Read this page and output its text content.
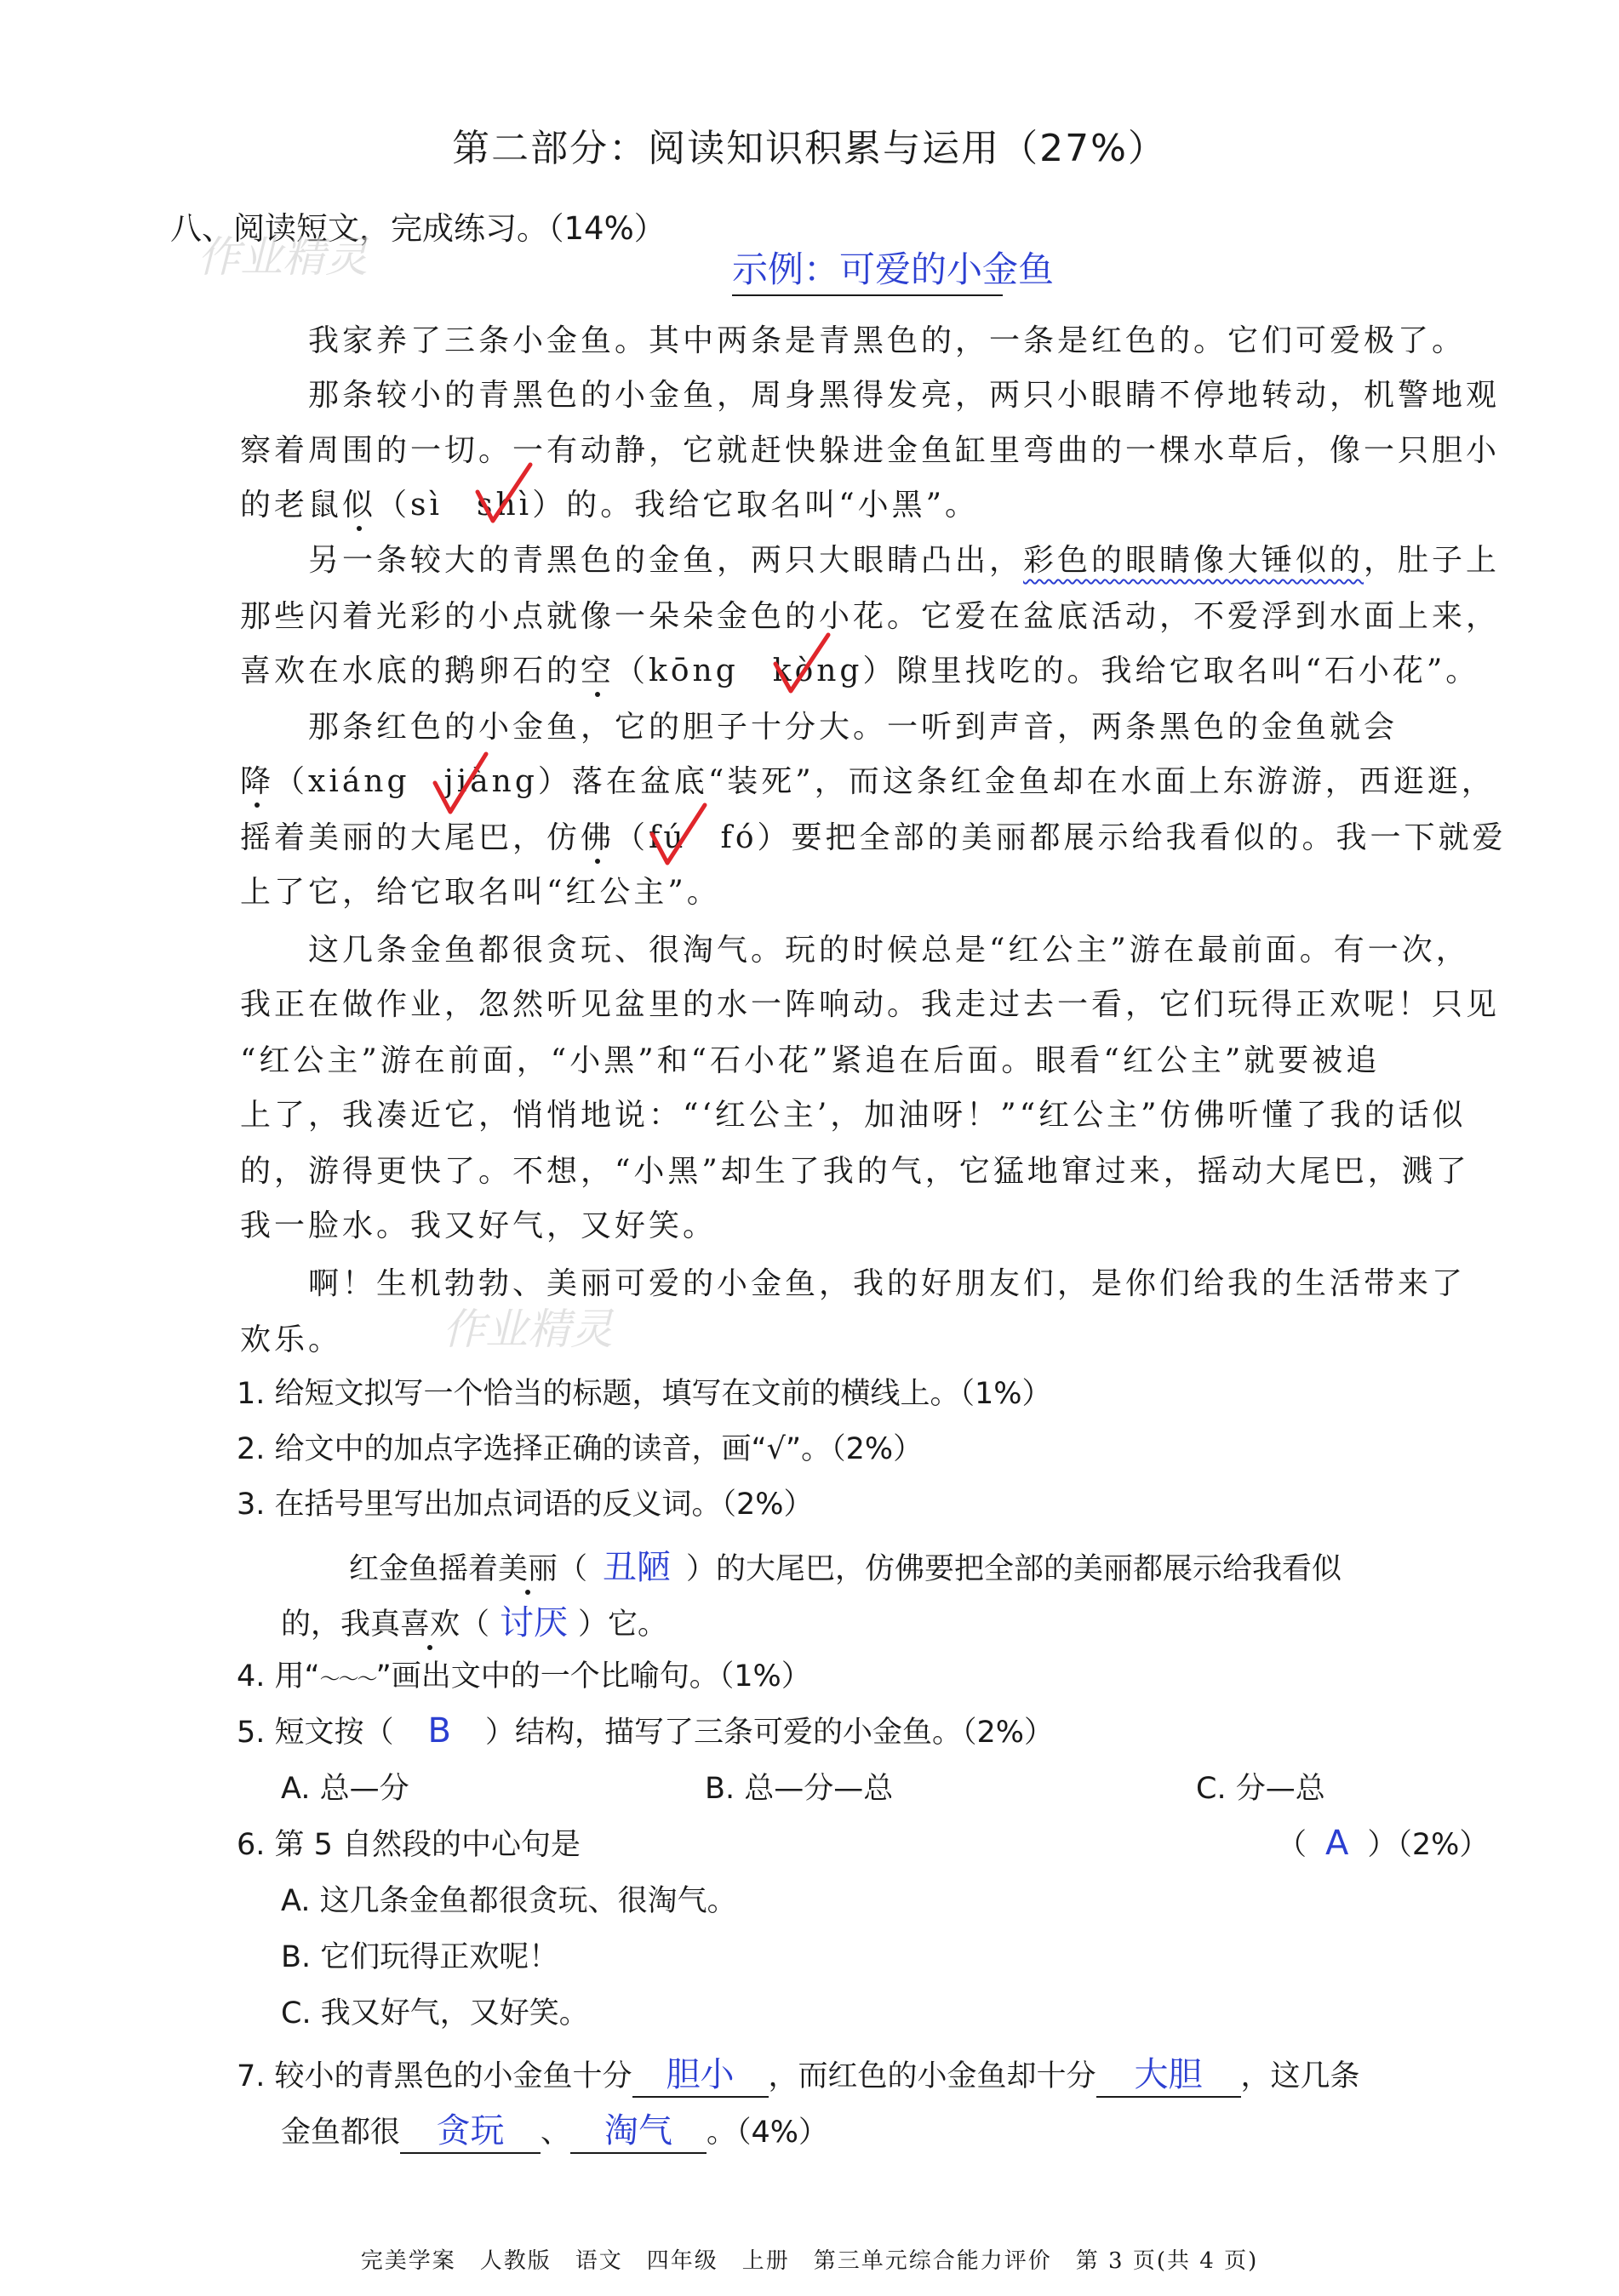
第二部分：阅读知识积累与运用（27%）
八、阅读短文，完成练习。（14%）
作业精灵	示例：可爱的小金鱼
我家养了三条小金鱼。其中两条是青黑色的，一条是红色的。它们可爱极了。
那条较小的青黑色的小金鱼，周身黑得发亮，两只小眼睛不停地转动，机警地观
察着周围的一切。一有动静，它就赶快躲进金鱼缸里弯曲的一棵水草后，像一只胆小
的老鼠似（sì　shì）的。我给它取名叫“小黑”。
另一条较大的青黑色的金鱼，两只大眼睛凸出，彩色的眼睛像大锤似的，肚子上
那些闪着光彩的小点就像一朵朵金色的小花。它爱在盆底活动，不爱浮到水面上来，
喜欢在水底的鹅卵石的空（kōng　kòng）隙里找吃的。我给它取名叫“石小花”。
那条红色的小金鱼，它的胆子十分大。一听到声音，两条黑色的金鱼就会
降（xiáng　jiàng）落在盆底“装死”，而这条红金鱼却在水面上东游游，西逛逛，
摇着美丽的大尾巴，仿佛（fú　fó）要把全部的美丽都展示给我看似的。我一下就爱
上了它，给它取名叫“红公主”。
这几条金鱼都很贪玩、很淘气。玩的时候总是“红公主”游在最前面。有一次，
我正在做作业，忽然听见盆里的水一阵响动。我走过去一看，它们玩得正欢呢！只见
“红公主”游在前面，“小黑”和“石小花”紧追在后面。眼看“红公主”就要被追
上了，我凑近它，悄悄地说：“‘红公主’，加油呀！”“红公主”仿佛听懂了我的话似
的，游得更快了。不想，“小黑”却生了我的气，它猛地窜过来，摇动大尾巴，溅了
我一脸水。我又好气，又好笑。
啊！生机勃勃、美丽可爱的小金鱼，我的好朋友们，是你们给我的生活带来了
欢乐。 作业精灵
1. 给短文拟写一个恰当的标题，填写在文前的横线上。（1%）
2. 给文中的加点字选择正确的读音，画“√”。（2%）
3. 在括号里写出加点词语的反义词。（2%）
红金鱼摇着美丽（ 丑陋 ）的大尾巴，仿佛要把全部的美丽都展示给我看似
的，我真喜欢（ 讨厌 ）它。
4. 用“～～～”画出文中的一个比喻句。（1%）
5. 短文按（ B ）结构，描写了三条可爱的小金鱼。（2%）
A. 总—分	B. 总—分—总	C. 分—总
6. 第 5 自然段的中心句是	（ A ）（2%）
A. 这几条金鱼都很贪玩、很淘气。
B. 它们玩得正欢呢！
C. 我又好气，又好笑。
7. 较小的青黑色的小金鱼十分 胆小 ，而红色的小金鱼却十分 大胆 ，这几条
金鱼都很 贪玩 、 淘气 。（4%）
完美学案　人教版　语文　四年级　上册　第三单元综合能力评价　第 3 页(共 4 页)
